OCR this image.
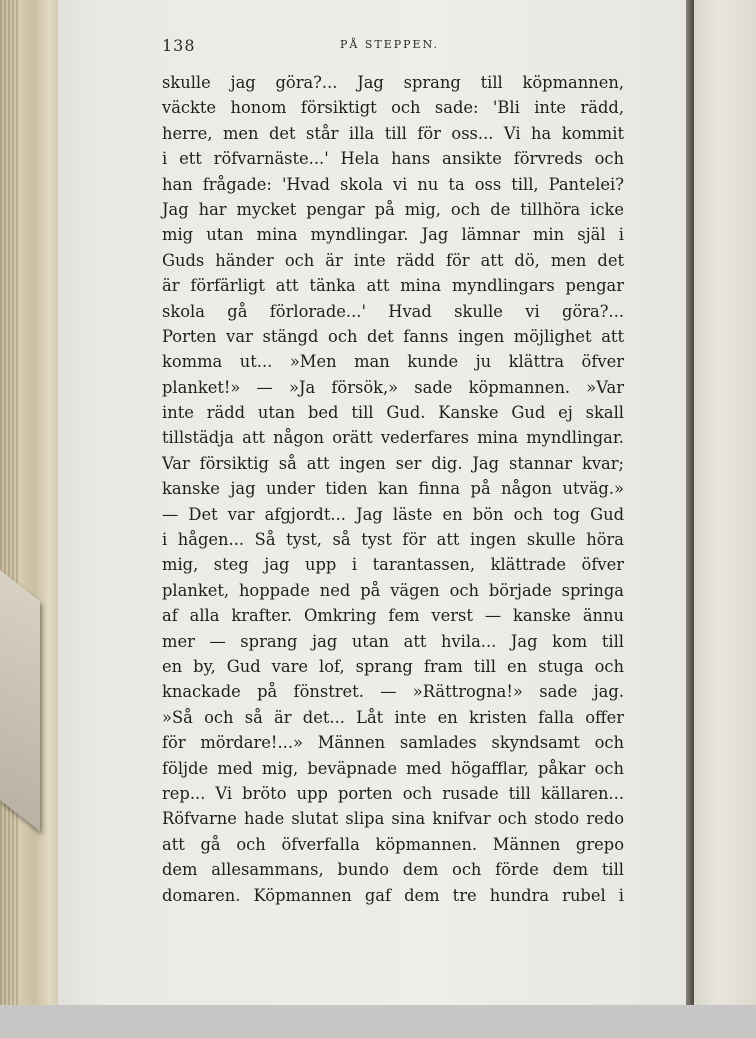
138	PÅ STEPPEN.
skulle jag göra?... Jag sprang till köpmannen,
väckte honom försiktigt och sade: 'Bli inte rädd,
herre, men det står illa till för oss... Vi ha kommit
i ett röfvarnäste...' Hela hans ansikte förvreds och
han frågade: 'Hvad skola vi nu ta oss till, Pantelei?
Jag har mycket pengar på mig, och de tillhöra icke
mig utan mina myndlingar. Jag lämnar min själ i
Guds händer och är inte rädd för att dö, men det
är förfärligt att tänka att mina myndlingars pengar
skola gå förlorade...' Hvad skulle vi göra?...
Porten var stängd och det fanns ingen möjlighet att
komma ut... »Men man kunde ju klättra öfver
planket!» — »Ja försök,» sade köpmannen. »Var
inte rädd utan bed till Gud. Kanske Gud ej skall
tillstädja att någon orätt vederfares mina myndlingar.
Var försiktig så att ingen ser dig. Jag stannar kvar;
kanske jag under tiden kan finna på någon utväg.»
— Det var afgjordt... Jag läste en bön och tog Gud
i hågen... Så tyst, så tyst för att ingen skulle höra
mig, steg jag upp i tarantassen, klättrade öfver
planket, hoppade ned på vägen och började springa
af alla krafter. Omkring fem verst — kanske ännu
mer — sprang jag utan att hvila... Jag kom till
en by, Gud vare lof, sprang fram till en stuga och
knackade på fönstret. — »Rättrogna!» sade jag.
»Så och så är det... Låt inte en kristen falla offer
för mördare!...» Männen samlades skyndsamt och
följde med mig, beväpnade med högafflar, påkar och
rep... Vi bröto upp porten och rusade till källaren...
Röfvarne hade slutat slipa sina knifvar och stodo redo
att gå och öfverfalla köpmannen. Männen grepo
dem allesammans, bundo dem och förde dem till
domaren. Köpmannen gaf dem tre hundra rubel i
